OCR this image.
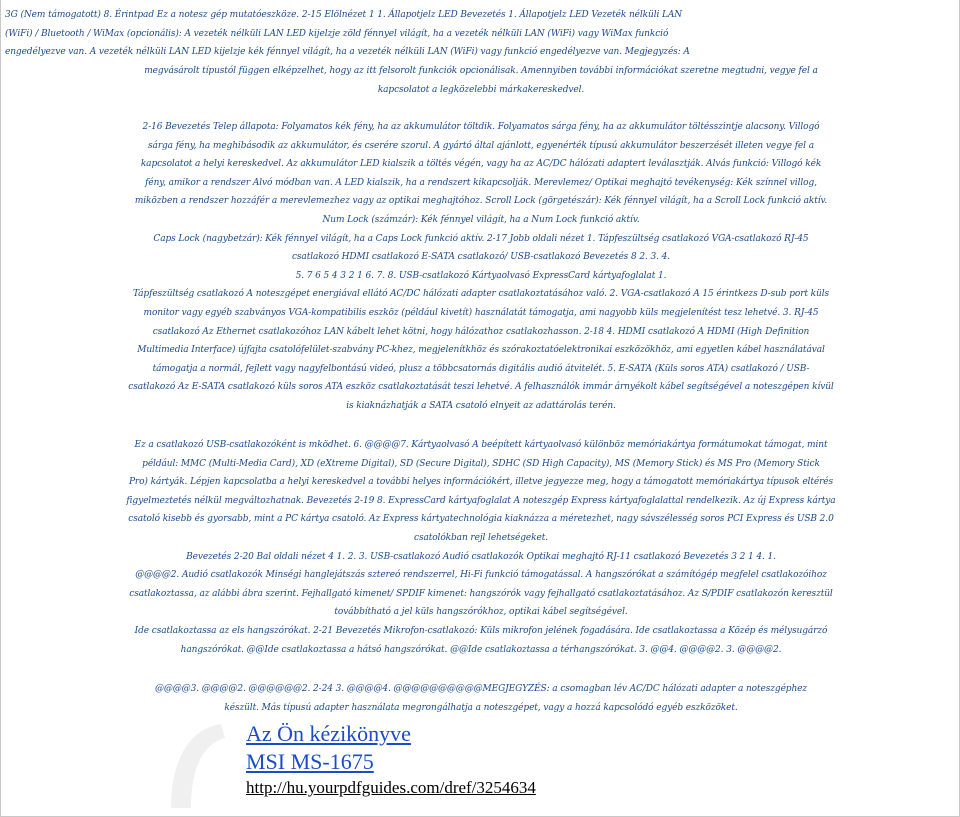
3G (Nem támogatott) 8. Érintpad Ez a notesz gép mutatóeszköze. 2-15 Elölnézet 1 1. Állapotjelz LED Bevezetés 1. Állapotjelz LED Vezeték nélküli LAN
(WiFi) / Bluetooth / WiMax (opcionális): A vezeték nélküli LAN LED kijelzje zöld fénnyel világít, ha a vezeték nélküli LAN (WiFi) vagy WiMax funkció
engedélyezve van. A vezeték nélküli LAN LED kijelzje kék fénnyel világít, ha a vezeték nélküli LAN (WiFi) vagy funkció engedélyezve van. Megjegyzés: A
megvásárolt típustól függen elképzelhet, hogy az itt felsorolt funkciók opcionálisak. Amennyiben további információkat szeretne megtudni, vegye fel a
kapcsolatot a legközelebbi márkakereskedvel.
2-16 Bevezetés Telep állapota: Folyamatos kék fény, ha az akkumulátor töltdik. Folyamatos sárga fény, ha az akkumulátor töltésszintje alacsony. Villogó
sárga fény, ha meghibásodik az akkumulátor, és cserére szorul. A gyártó által ajánlott, egyenérték típusú akkumulátor beszerzését illeten vegye fel a
kapcsolatot a helyi kereskedvel. Az akkumulátor LED kialszik a töltés végén, vagy ha az AC/DC hálózati adaptert leválasztják. Alvás funkció: Villogó kék
fény, amikor a rendszer Alvó módban van. A LED kialszik, ha a rendszert kikapcsolják. Merevlemez/ Optikai meghajtó tevékenység: Kék színnel villog,
miközben a rendszer hozzáfér a merevlemezhez vagy az optikai meghajtóhoz. Scroll Lock (görgetészár): Kék fénnyel világít, ha a Scroll Lock funkció aktív.
Num Lock (számzár): Kék fénnyel világít, ha a Num Lock funkció aktív.
Caps Lock (nagybetzár): Kék fénnyel világít, ha a Caps Lock funkció aktív. 2-17 Jobb oldali nézet 1. Tápfeszültség csatlakozó VGA-csatlakozó RJ-45
csatlakozó HDMI csatlakozó E-SATA csatlakozó/ USB-csatlakozó Bevezetés 8 2. 3. 4.
5. 7 6 5 4 3 2 1 6. 7. 8. USB-csatlakozó Kártyaolvasó ExpressCard kártyafoglalat 1.
Tápfeszültség csatlakozó A noteszgépet energiával ellátó AC/DC hálózati adapter csatlakoztatásához való. 2. VGA-csatlakozó A 15 érintkezs D-sub port küls
monitor vagy egyéb szabványos VGA-kompatibilis eszköz (például kivetít) használatát támogatja, ami nagyobb küls megjelenítést tesz lehetvé. 3. RJ-45
csatlakozó Az Ethernet csatlakozóhoz LAN kábelt lehet kötni, hogy hálózathoz csatlakozhasson. 2-18 4. HDMI csatlakozó A HDMI (High Definition
Multimedia Interface) újfajta csatolófelület-szabvány PC-khez, megjelenítkhöz és szórakoztatóelektronikai eszközökhöz, ami egyetlen kábel használatával
támogatja a normál, fejlett vagy nagyfelbontású videó, plusz a többcsatornás digitális audió átvitelét. 5. E-SATA (Küls soros ATA) csatlakozó / USB-
csatlakozó Az E-SATA csatlakozó küls soros ATA eszköz csatlakoztatását teszi lehetvé. A felhasználók immár árnyékolt kábel segítségével a noteszgépen kívül
is kiaknázhatják a SATA csatoló elnyeit az adattárolás terén.
Ez a csatlakozó USB-csatlakozóként is mködhet. 6. @@@@7. Kártyaolvasó A beépített kártyaolvasó különböz memóriakártya formátumokat támogat, mint
például: MMC (Multi-Media Card), XD (eXtreme Digital), SD (Secure Digital), SDHC (SD High Capacity), MS (Memory Stick) és MS Pro (Memory Stick
Pro) kártyák. Lépjen kapcsolatba a helyi kereskedvel a további helyes információkért, illetve jegyezze meg, hogy a támogatott memóriakártya típusok eltérés
figyelmeztetés nélkül megváltozhatnak. Bevezetés 2-19 8. ExpressCard kártyafoglalat A noteszgép Express kártyafoglalattal rendelkezik. Az új Express kártya
csatoló kisebb és gyorsabb, mint a PC kártya csatoló. Az Express kártyatechnológia kiaknázza a méretezhet, nagy sávszélesség soros PCI Express és USB 2.0
csatolókban rejl lehetségeket.
Bevezetés 2-20 Bal oldali nézet 4 1. 2. 3. USB-csatlakozó Audió csatlakozók Optikai meghajtó RJ-11 csatlakozó Bevezetés 3 2 1 4. 1.
@@@@2. Audió csatlakozók Minségi hanglejátszás sztereó rendszerrel, Hi-Fi funkció támogatással. A hangszórókat a számítógép megfelel csatlakozóihoz
csatlakoztassa, az alábbi ábra szerint. Fejhallgató kimenet/ SPDIF kimenet: hangszórók vagy fejhallgató csatlakoztatásához. Az S/PDIF csatlakozón keresztül
továbbítható a jel küls hangszórókhoz, optikai kábel segítségével.
Ide csatlakoztassa az els hangszórókat. 2-21 Bevezetés Mikrofon-csatlakozó: Küls mikrofon jelének fogadására. Ide csatlakoztassa a Közép és mélysugárzó
hangszórókat. @@Ide csatlakoztassa a hátsó hangszórókat. @@Ide csatlakoztassa a térhangszórókat. 3. @@4. @@@@2. 3. @@@@2.
@@@@3. @@@@2. @@@@@@2. 2-24 3. @@@@4. @@@@@@@@@@MEGJEGYZÉS: a csomagban lév AC/DC hálózati adapter a noteszgéphez
készült. Más típusú adapter használata megrongálhatja a noteszgépet, vagy a hozzá kapcsolódó egyéb eszközöket.
Az Ön kézikönyve
MSI MS-1675
http://hu.yourpdfguides.com/dref/3254634
